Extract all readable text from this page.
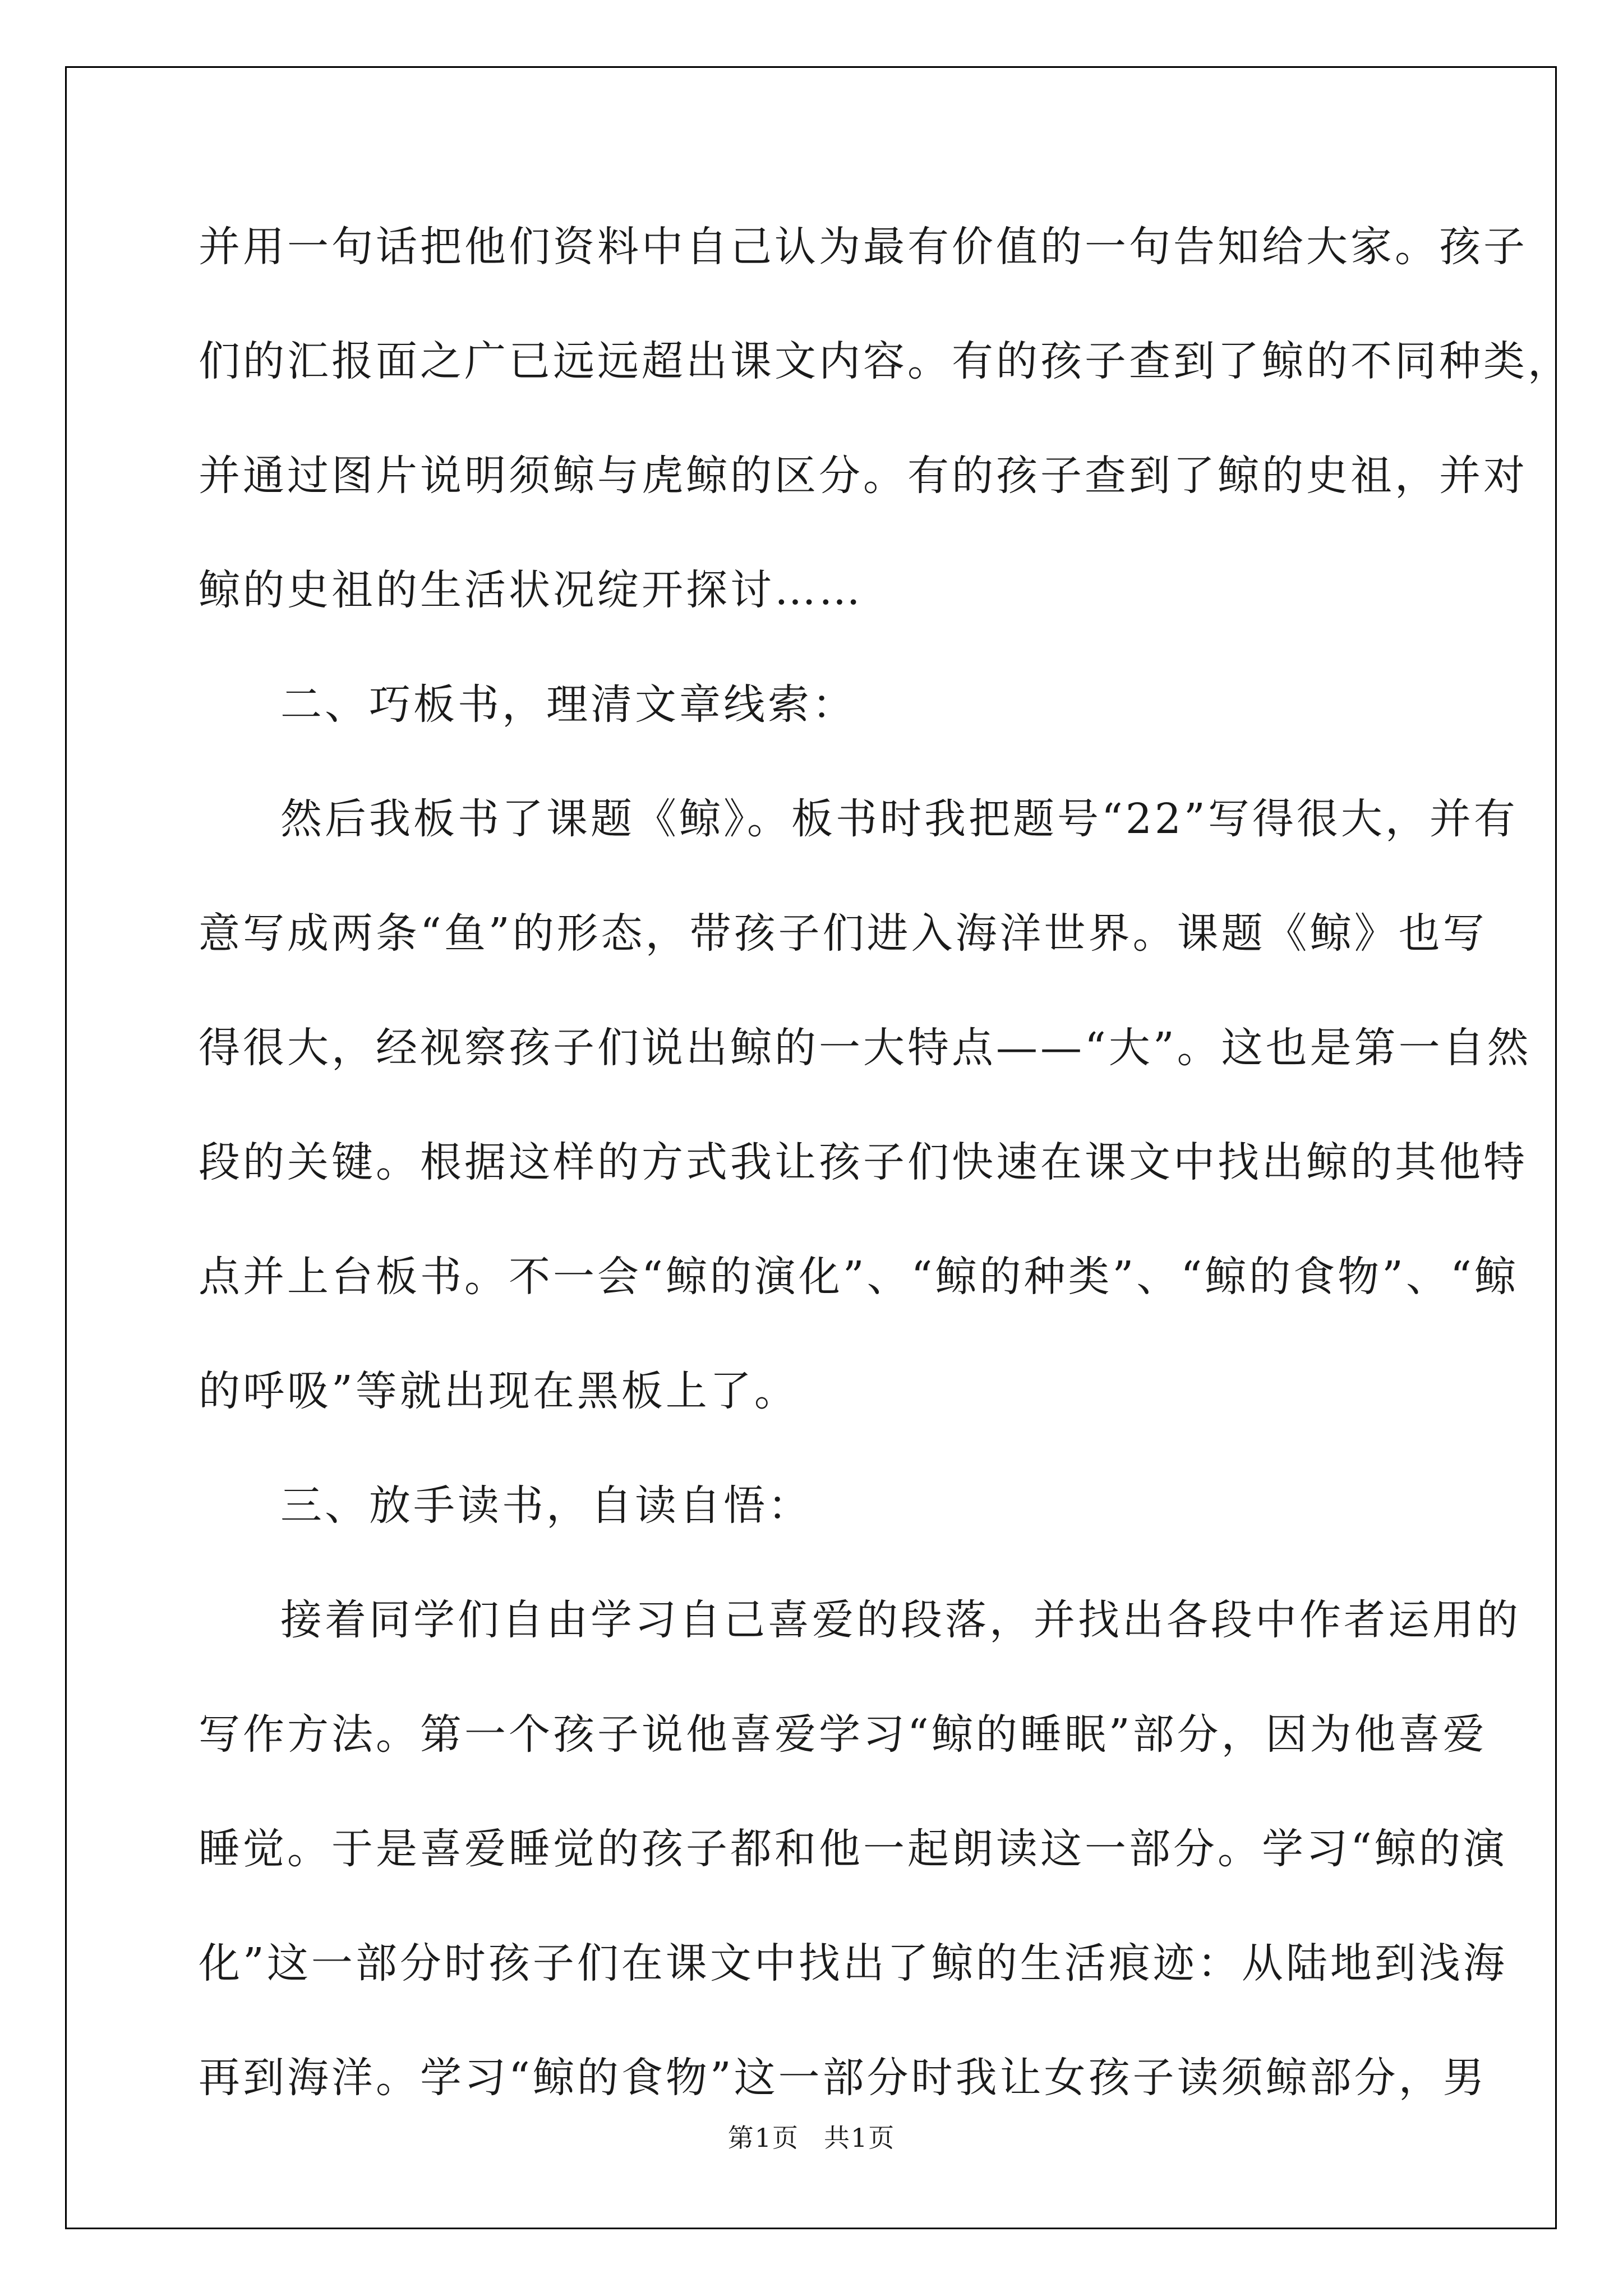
并用一句话把他们资料中自己认为最有价值的一句告知给大家。孩子
们的汇报面之广已远远超出课文内容。有的孩子查到了鲸的不同种类，
并通过图片说明须鲸与虎鲸的区分。有的孩子查到了鲸的史祖，并对
鲸的史祖的生活状况绽开探讨……
二、巧板书，理清文章线索：
然后我板书了课题《鲸》。板书时我把题号“22”写得很大，并有
意写成两条“鱼”的形态，带孩子们进入海洋世界。课题《鲸》也写
得很大，经视察孩子们说出鲸的一大特点——“大”。这也是第一自然
段的关键。根据这样的方式我让孩子们快速在课文中找出鲸的其他特
点并上台板书。不一会“鲸的演化”、“鲸的种类”、“鲸的食物”、“鲸
的呼吸”等就出现在黑板上了。
三、放手读书，自读自悟：
接着同学们自由学习自己喜爱的段落，并找出各段中作者运用的
写作方法。第一个孩子说他喜爱学习“鲸的睡眠”部分，因为他喜爱
睡觉。于是喜爱睡觉的孩子都和他一起朗读这一部分。学习“鲸的演
化”这一部分时孩子们在课文中找出了鲸的生活痕迹：从陆地到浅海
再到海洋。学习“鲸的食物”这一部分时我让女孩子读须鲸部分，男
第1页 共1页
